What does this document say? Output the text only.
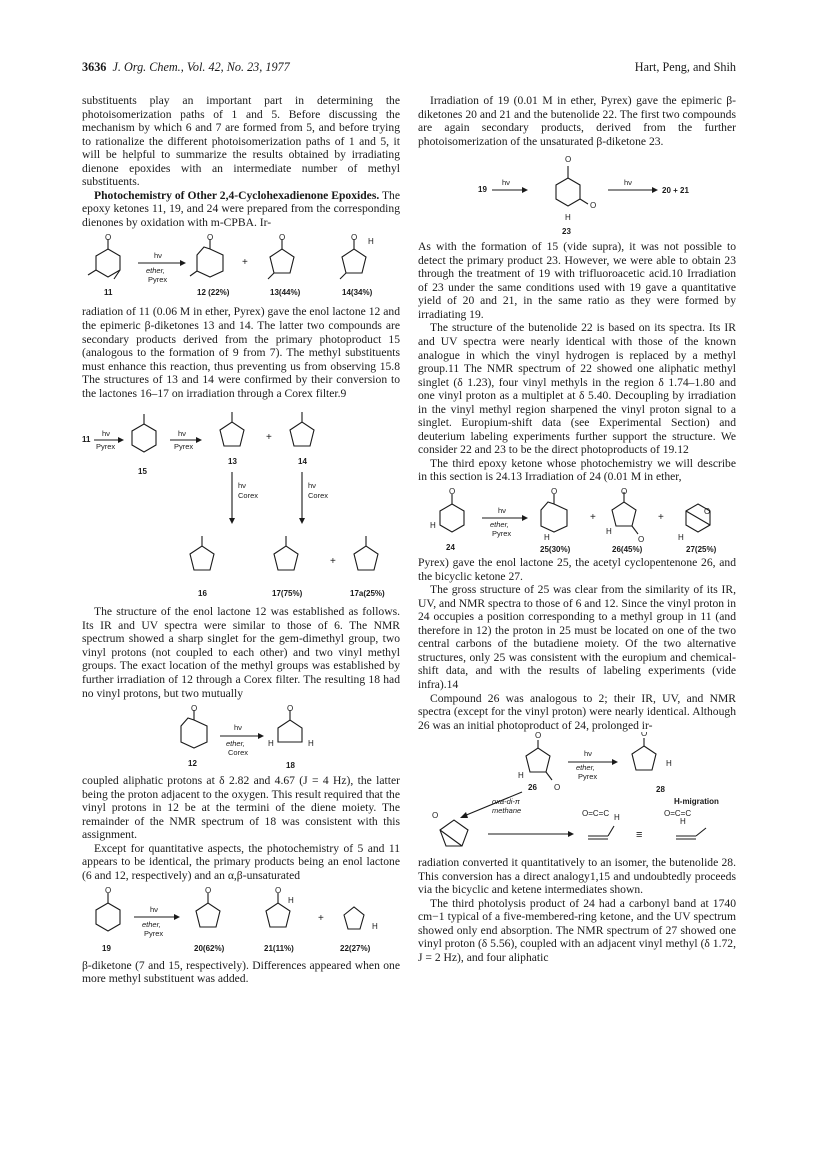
3636 J. Org. Chem., Vol. 42, No. 23, 1977	Hart, Peng, and Shih

substituents play an important part in determining the photoisomerization paths of 1 and 5. Before discussing the mechanism by which 6 and 7 are formed from 5, and before trying to rationalize the different photoisomerization paths of 1 and 5, it will be helpful to summarize the results obtained by irradiating dienone epoxides with an intermediate number of methyl substituents.

Photochemistry of Other 2,4-Cyclohexadienone Epoxides. The epoxy ketones 11, 19, and 24 were prepared from the corresponding dienones by oxidation with m-CPBA. Ir-

O
11
hν
ether,
Pyrex
O
12 (22%)
+
O
13(44%)
O H
14(34%)

radiation of 11 (0.06 M in ether, Pyrex) gave the enol lactone 12 and the epimeric β-diketones 13 and 14. The latter two compounds are secondary products derived from the primary photoproduct 15 (analogous to the formation of 9 from 7). The methyl substituents must enhance this reaction, thus preventing us from observing 15.8 The structures of 13 and 14 were confirmed by their conversion to the lactones 16–17 on irradiation through a Corex filter.9

11
hν
Pyrex
15
hν
Pyrex
13
+
14
hν
Corex
hν
Corex
16	17(75%)
+
17a(25%)

The structure of the enol lactone 12 was established as follows. Its IR and UV spectra were similar to those of 6. The NMR spectrum showed a sharp singlet for the gem-dimethyl group, two vinyl protons (not coupled to each other) and two vinyl methyl groups. The exact location of the methyl groups was established by further irradiation of 12 through a Corex filter. The resulting 18 had no vinyl protons, but two mutually

O
12
hν
ether,
Corex
O
H	H
18

coupled aliphatic protons at δ 2.82 and 4.67 (J = 4 Hz), the latter being the proton adjacent to the oxygen. This result required that the vinyl protons in 12 be at the termini of the diene moiety. The remainder of the NMR spectrum of 18 was consistent with this assignment.

Except for quantitative aspects, the photochemistry of 5 and 11 appears to be identical, the primary products being an enol lactone (6 and 12, respectively) and an α,β-unsaturated

O
19
hν
ether,
Pyrex
O
20(62%)
O
H
21(11%)
+
H
22(27%)

β-diketone (7 and 15, respectively). Differences appeared when one more methyl substituent was added.

Irradiation of 19 (0.01 M in ether, Pyrex) gave the epimeric β-diketones 20 and 21 and the butenolide 22. The first two compounds are again secondary products, derived from the further photoisomerization of the unsaturated β-diketone 23.

19
hν
O
O
H
23
hν
20 + 21

As with the formation of 15 (vide supra), it was not possible to detect the primary product 23. However, we were able to obtain 23 through the treatment of 19 with trifluoroacetic acid.10 Irradiation of 23 under the same conditions used with 19 gave a quantitative yield of 20 and 21, in the same ratio as they were formed by irradiating 19.

The structure of the butenolide 22 is based on its spectra. Its IR and UV spectra were nearly identical with those of the known analogue in which the vinyl hydrogen is replaced by a methyl group.11 The NMR spectrum of 22 showed one aliphatic methyl singlet (δ 1.23), four vinyl methyls in the region δ 1.74–1.80 and one vinyl proton as a multiplet at δ 5.40. Decoupling by irradiation in the vinyl methyl region sharpened the vinyl proton signal to a singlet. Europium-shift data (see Experimental Section) and deuterium labeling experiments further support the structure. We consider 22 and 23 to be the direct photoproducts of 19.12

The third epoxy ketone whose photochemistry we will describe in this section is 24.13 Irradiation of 24 (0.01 M in ether,

O
H
24
hν
ether,
Pyrex
O
H
25(30%)
+
O
H
O
26(45%)
+
O
H
27(25%)

Pyrex) gave the enol lactone 25, the acetyl cyclopentenone 26, and the bicyclic ketone 27.

The gross structure of 25 was clear from the similarity of its IR, UV, and NMR spectra to those of 6 and 12. Since the vinyl proton in 24 occupies a position corresponding to a methyl group in 11 (and therefore in 12) the proton in 25 must be located on one of the two central carbons of the butadiene moiety. Of the two alternative structures, only 25 was consistent with the europium and chemical-shift data, and with the results of labeling experiments (vide infra).14

Compound 26 was analogous to 2; their IR, UV, and NMR spectra (except for the vinyl proton) were nearly identical. Although 26 was an initial photoproduct of 24, prolonged ir-

O
H
O
26
hν
ether,
Pyrex
O
H
28
H-migration
oxa-di-π
methane
O	O=C=C H
≡
O=C=C
H

radiation converted it quantitatively to an isomer, the butenolide 28. This conversion has a direct analogy1,15 and undoubtedly proceeds via the bicyclic and ketene intermediates shown.

The third photolysis product of 24 had a carbonyl band at 1740 cm−1 typical of a five-membered-ring ketone, and the UV spectrum showed only end absorption. The NMR spectrum of 27 showed one vinyl proton (δ 5.56), coupled with an adjacent vinyl methyl (δ 1.72, J = 2 Hz), and four aliphatic
